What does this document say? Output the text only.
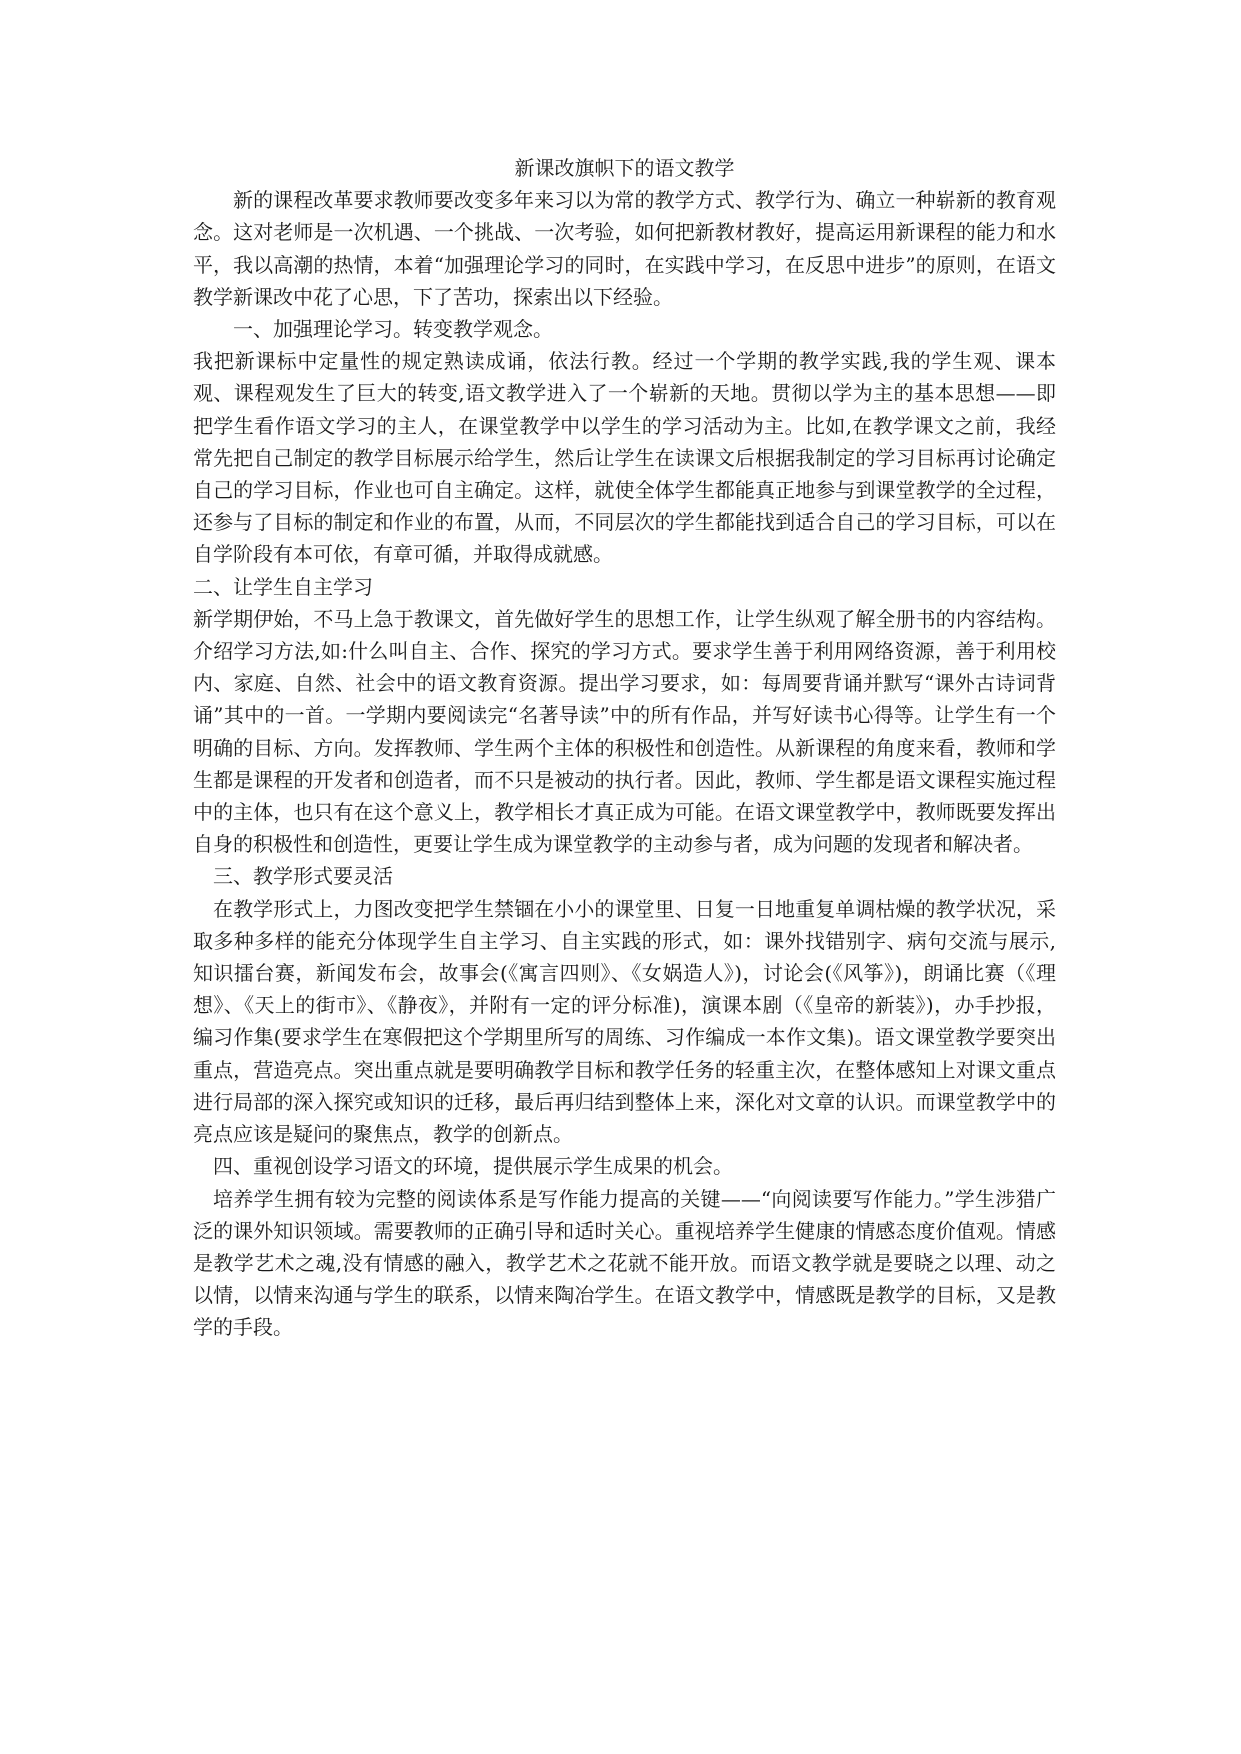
新课改旗帜下的语文教学

新的课程改革要求教师要改变多年来习以为常的教学方式、教学行为、确立一种崭新的教育观念。这对老师是一次机遇、一个挑战、一次考验，如何把新教材教好，提高运用新课程的能力和水平，我以高潮的热情，本着“加强理论学习的同时，在实践中学习，在反思中进步”的原则，在语文教学新课改中花了心思，下了苦功，探索出以下经验。

一、加强理论学习。转变教学观念。

我把新课标中定量性的规定熟读成诵，依法行教。经过一个学期的教学实践,我的学生观、课本观、课程观发生了巨大的转变,语文教学进入了一个崭新的天地。贯彻以学为主的基本思想——即把学生看作语文学习的主人，在课堂教学中以学生的学习活动为主。比如,在教学课文之前，我经常先把自己制定的教学目标展示给学生，然后让学生在读课文后根据我制定的学习目标再讨论确定自己的学习目标，作业也可自主确定。这样，就使全体学生都能真正地参与到课堂教学的全过程，还参与了目标的制定和作业的布置，从而，不同层次的学生都能找到适合自己的学习目标，可以在自学阶段有本可依，有章可循，并取得成就感。

二、让学生自主学习

新学期伊始，不马上急于教课文，首先做好学生的思想工作，让学生纵观了解全册书的内容结构。介绍学习方法,如:什么叫自主、合作、探究的学习方式。要求学生善于利用网络资源，善于利用校内、家庭、自然、社会中的语文教育资源。提出学习要求，如：每周要背诵并默写“课外古诗词背诵”其中的一首。一学期内要阅读完“名著导读”中的所有作品，并写好读书心得等。让学生有一个明确的目标、方向。发挥教师、学生两个主体的积极性和创造性。从新课程的角度来看，教师和学生都是课程的开发者和创造者，而不只是被动的执行者。因此，教师、学生都是语文课程实施过程中的主体，也只有在这个意义上，教学相长才真正成为可能。在语文课堂教学中，教师既要发挥出自身的积极性和创造性，更要让学生成为课堂教学的主动参与者，成为问题的发现者和解决者。

三、教学形式要灵活

在教学形式上，力图改变把学生禁锢在小小的课堂里、日复一日地重复单调枯燥的教学状况，采取多种多样的能充分体现学生自主学习、自主实践的形式，如：课外找错别字、病句交流与展示,知识擂台赛，新闻发布会，故事会(《寓言四则》、《女娲造人》)，讨论会(《风筝》)，朗诵比赛（《理想》、《天上的街市》、《静夜》，并附有一定的评分标准)，演课本剧（《皇帝的新装》)，办手抄报，编习作集(要求学生在寒假把这个学期里所写的周练、习作编成一本作文集)。语文课堂教学要突出重点，营造亮点。突出重点就是要明确教学目标和教学任务的轻重主次，在整体感知上对课文重点进行局部的深入探究或知识的迁移，最后再归结到整体上来，深化对文章的认识。而课堂教学中的亮点应该是疑问的聚焦点，教学的创新点。

四、重视创设学习语文的环境，提供展示学生成果的机会。

培养学生拥有较为完整的阅读体系是写作能力提高的关键——“向阅读要写作能力。”学生涉猎广泛的课外知识领域。需要教师的正确引导和适时关心。重视培养学生健康的情感态度价值观。情感是教学艺术之魂,没有情感的融入，教学艺术之花就不能开放。而语文教学就是要晓之以理、动之以情，以情来沟通与学生的联系，以情来陶冶学生。在语文教学中，情感既是教学的目标，又是教学的手段。
